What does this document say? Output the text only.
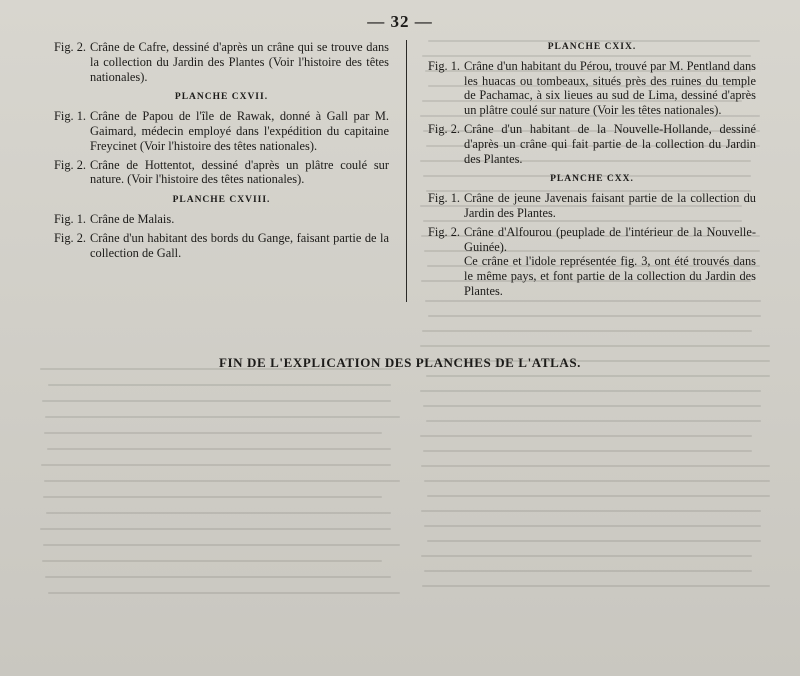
— 32 —
Fig. 2. Crâne de Cafre, dessiné d'après un crâne qui se trouve dans la collection du Jardin des Plantes (Voir l'histoire des têtes nationales).
PLANCHE CXVII.
Fig. 1. Crâne de Papou de l'île de Rawak, donné à Gall par M. Gaimard, médecin employé dans l'expédition du capitaine Freycinet (Voir l'histoire des têtes nationales).
Fig. 2. Crâne de Hottentot, dessiné d'après un plâtre coulé sur nature. (Voir l'histoire des têtes nationales).
PLANCHE CXVIII.
Fig. 1. Crâne de Malais.
Fig. 2. Crâne d'un habitant des bords du Gange, faisant partie de la collection de Gall.
PLANCHE CXIX.
Fig. 1. Crâne d'un habitant du Pérou, trouvé par M. Pentland dans les huacas ou tombeaux, situés près des ruines du temple de Pachamac, à six lieues au sud de Lima, dessiné d'après un plâtre coulé sur nature (Voir les têtes nationales).
Fig. 2. Crâne d'un habitant de la Nouvelle-Hollande, dessiné d'après un crâne qui fait partie de la collection du Jardin des Plantes.
PLANCHE CXX.
Fig. 1. Crâne de jeune Javenais faisant partie de la collection du Jardin des Plantes.
Fig. 2. Crâne d'Alfourou (peuplade de l'intérieur de la Nouvelle-Guinée).
Ce crâne et l'idole représentée fig. 3, ont été trouvés dans le même pays, et font partie de la collection du Jardin des Plantes.
FIN DE L'EXPLICATION DES PLANCHES DE L'ATLAS.
